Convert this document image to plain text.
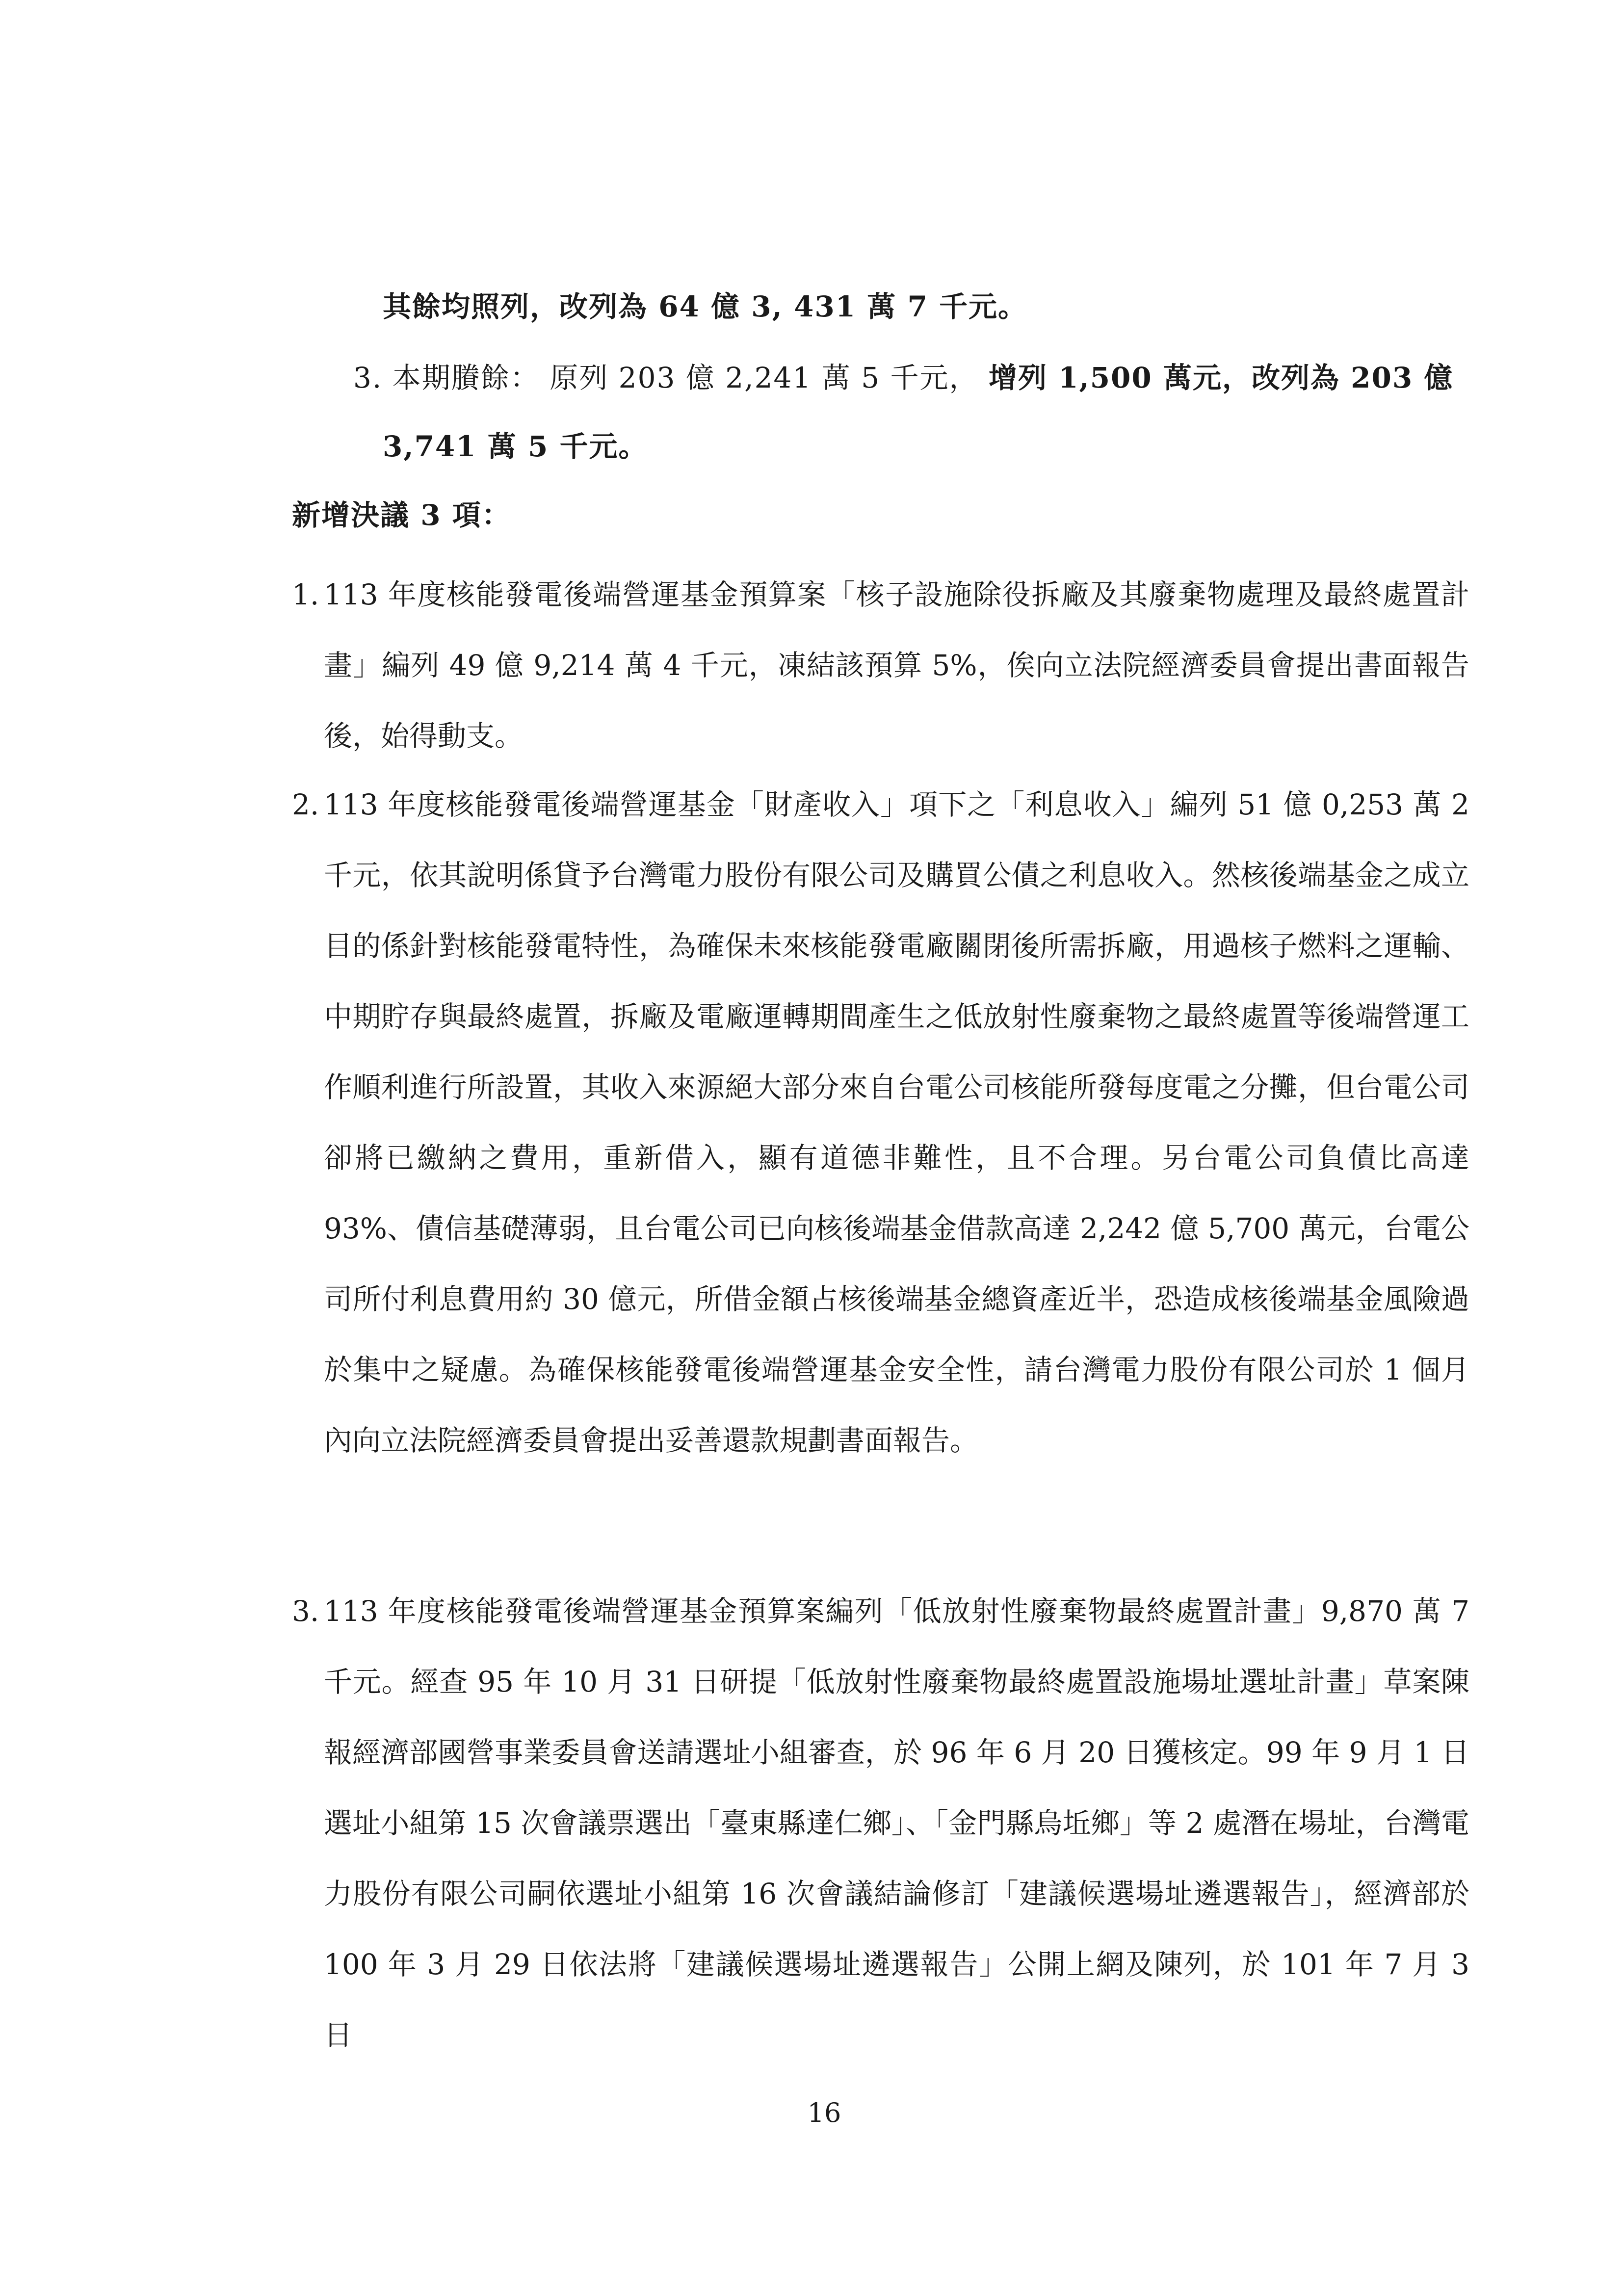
其餘均照列，改列為 64 億 3, 431 萬 7 千元。
3. 本期賸餘： 原列 203 億 2,241 萬 5 千元， 增列 1,500 萬元，改列為 203 億
3,741 萬 5 千元。
新增決議 3 項：
1. 113 年度核能發電後端營運基金預算案「核子設施除役拆廠及其廢棄物處理及最終處置計畫」編列 49 億 9,214 萬 4 千元，凍結該預算 5%，俟向立法院經濟委員會提出書面報告後，始得動支。
2. 113 年度核能發電後端營運基金「財產收入」項下之「利息收入」編列 51 億 0,253 萬 2 千元，依其說明係貸予台灣電力股份有限公司及購買公債之利息收入。然核後端基金之成立目的係針對核能發電特性，為確保未來核能發電廠關閉後所需拆廠，用過核子燃料之運輸、中期貯存與最終處置，拆廠及電廠運轉期間產生之低放射性廢棄物之最終處置等後端營運工作順利進行所設置，其收入來源絕大部分來自台電公司核能所發每度電之分攤，但台電公司卻將已繳納之費用，重新借入，顯有道德非難性，且不合理。另台電公司負債比高達 93%、債信基礎薄弱，且台電公司已向核後端基金借款高達 2,242 億 5,700 萬元，台電公司所付利息費用約 30 億元，所借金額占核後端基金總資產近半，恐造成核後端基金風險過於集中之疑慮。為確保核能發電後端營運基金安全性，請台灣電力股份有限公司於 1 個月內向立法院經濟委員會提出妥善還款規劃書面報告。
3. 113 年度核能發電後端營運基金預算案編列「低放射性廢棄物最終處置計畫」9,870 萬 7 千元。經查 95 年 10 月 31 日研提「低放射性廢棄物最終處置設施場址選址計畫」草案陳報經濟部國營事業委員會送請選址小組審查，於 96 年 6 月 20 日獲核定。99 年 9 月 1 日選址小組第 15 次會議票選出「臺東縣達仁鄉」、「金門縣烏坵鄉」等 2 處潛在場址，台灣電力股份有限公司嗣依選址小組第 16 次會議結論修訂「建議候選場址遴選報告」，經濟部於 100 年 3 月 29 日依法將「建議候選場址遴選報告」公開上網及陳列，於 101 年 7 月 3 日
16
